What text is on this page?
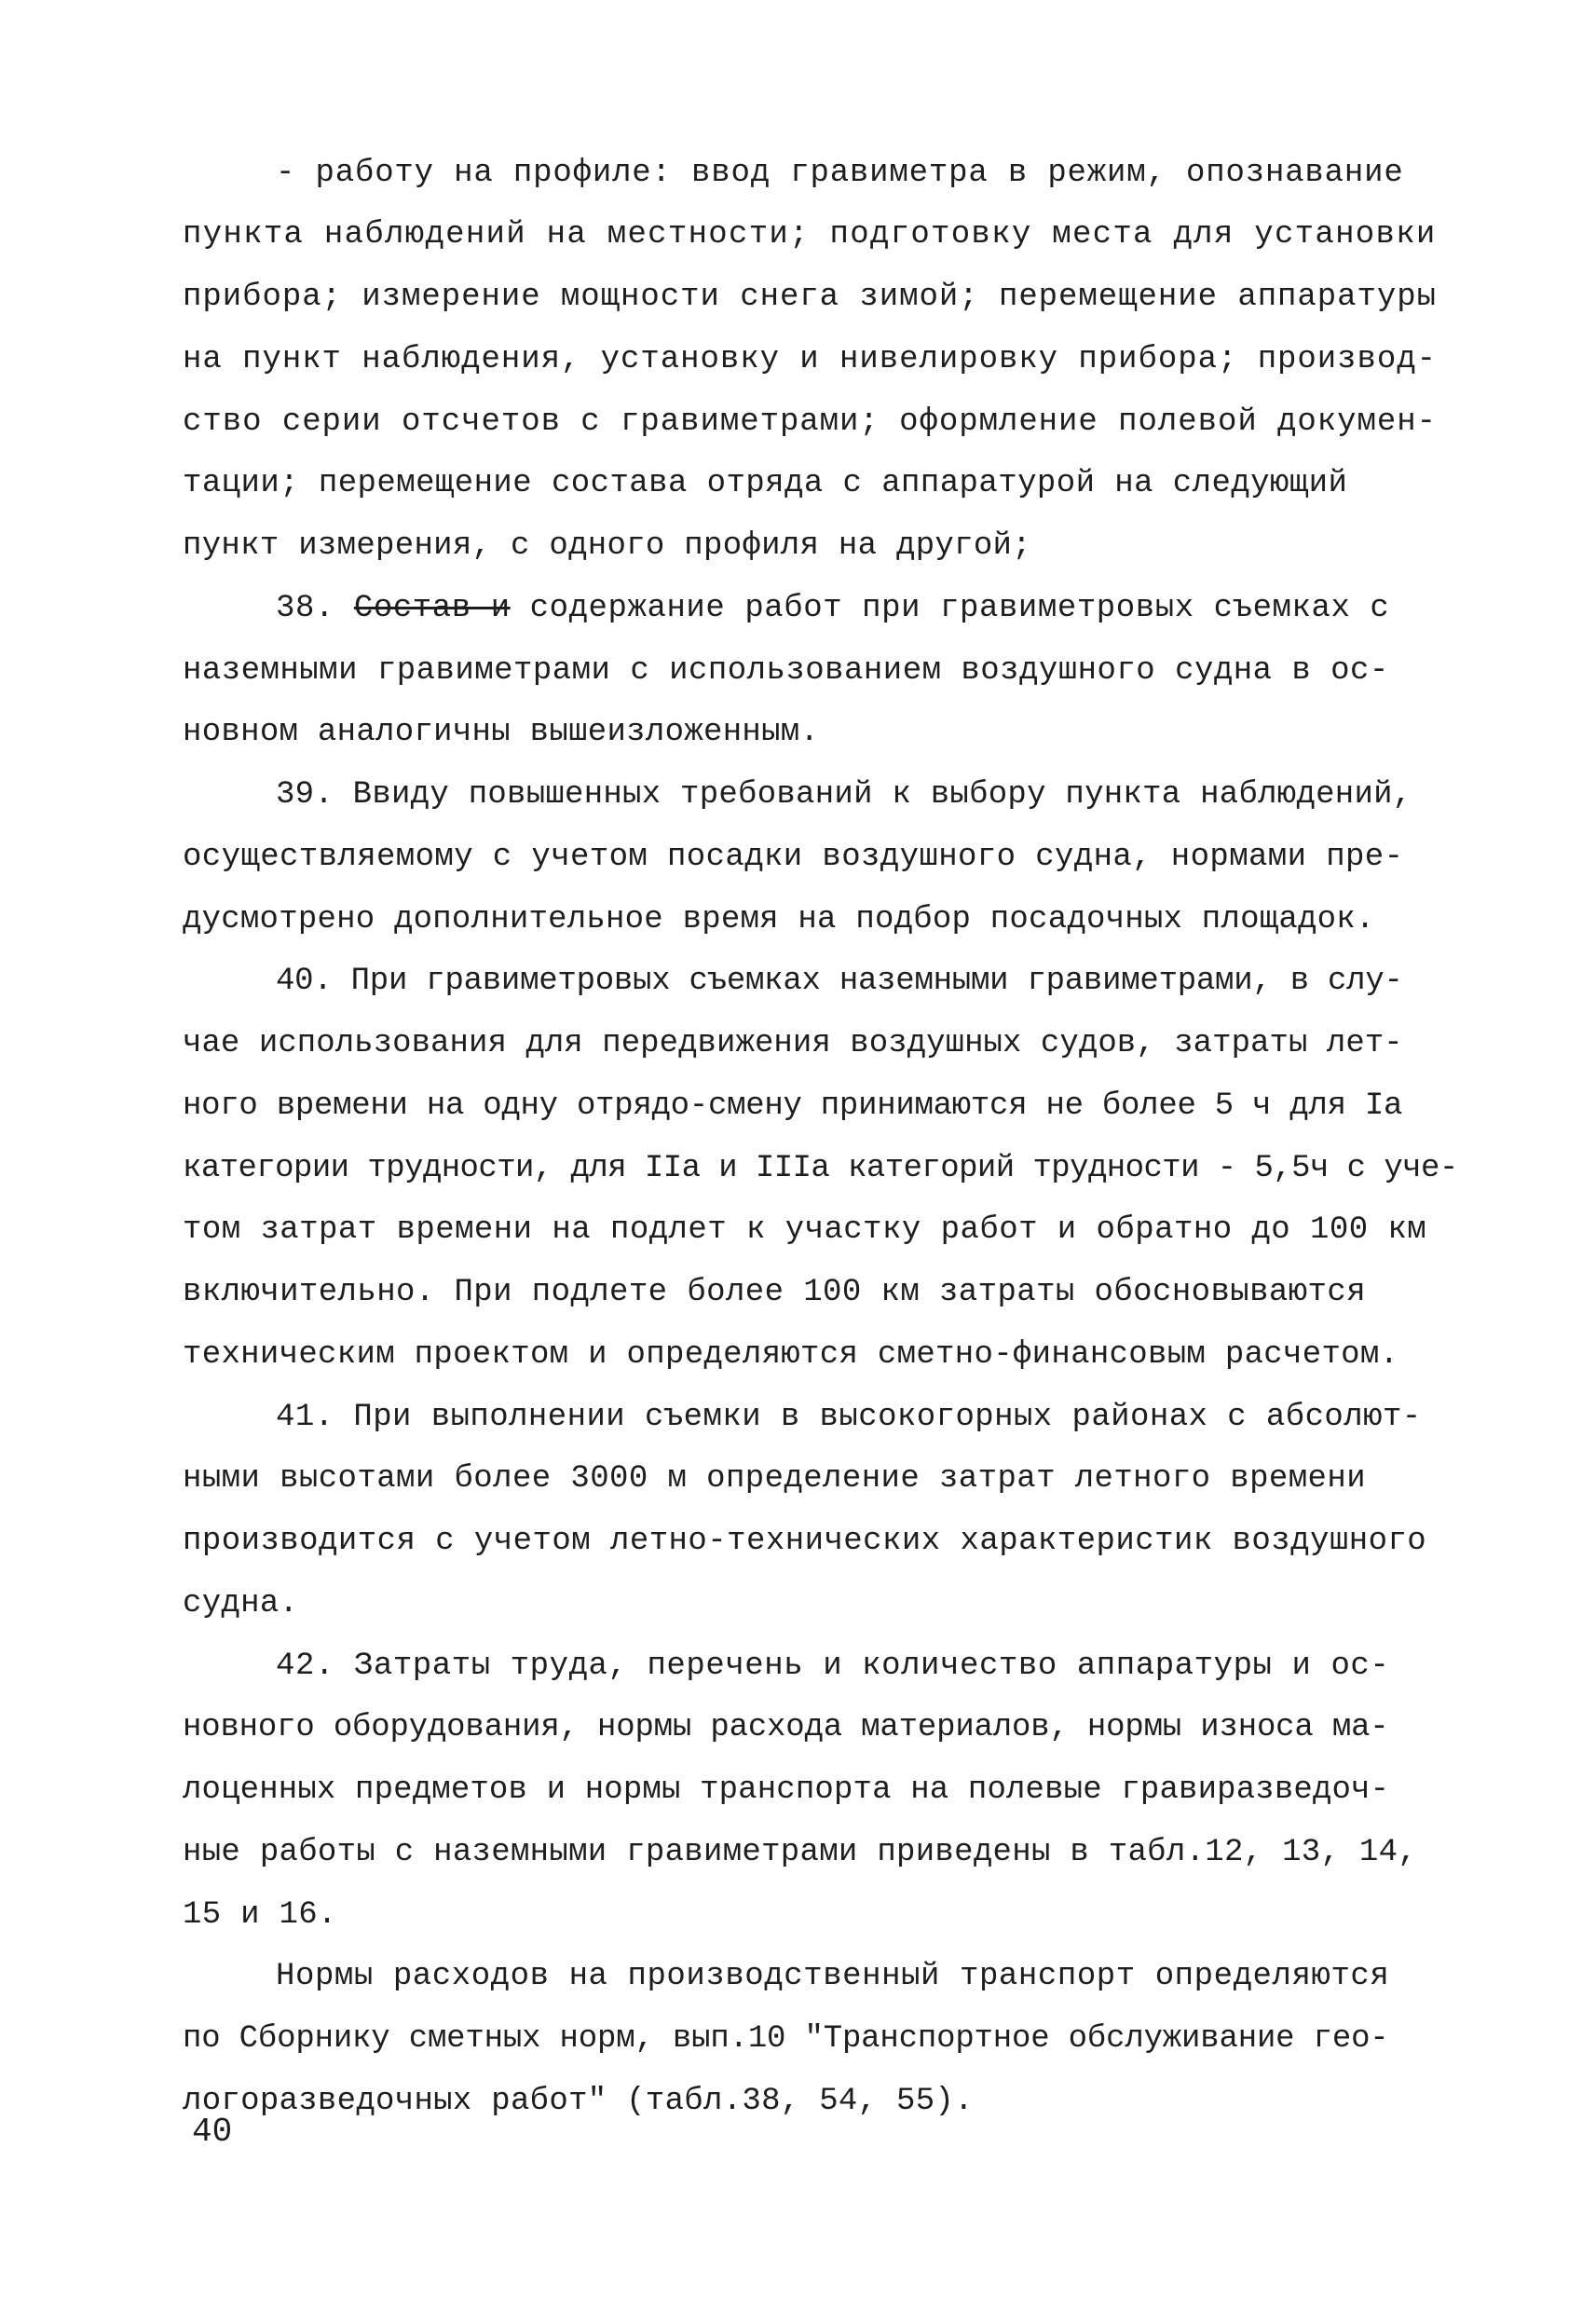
- работу на профиле: ввод гравиметра в режим, опознавание
пункта наблюдений на местности; подготовку места для установки
прибора; измерение мощности снега зимой; перемещение аппаратуры
на пункт наблюдения, установку и нивелировку прибора; производ-
ство серии отсчетов с гравиметрами; оформление полевой докумен-
тации; перемещение состава отряда с аппаратурой на следующий
пункт измерения, с одного профиля на другой;
38. Состав и содержание работ при гравиметровых съемках с
наземными гравиметрами с использованием воздушного судна в ос-
новном аналогичны вышеизложенным.
39. Ввиду повышенных требований к выбору пункта наблюдений,
осуществляемому с учетом посадки воздушного судна, нормами пре-
дусмотрено дополнительное время на подбор посадочных площадок.
40. При гравиметровых съемках наземными гравиметрами, в слу-
чае использования для передвижения воздушных судов, затраты лет-
ного времени на одну отрядо-смену принимаются не более 5 ч для Iа
категории трудности, для IIа и IIIа категорий трудности - 5,5ч с уче-
том затрат времени на подлет к участку работ и обратно до 100 км
включительно. При подлете более 100 км затраты обосновываются
техническим проектом и определяются сметно-финансовым расчетом.
41. При выполнении съемки в высокогорных районах с абсолют-
ными высотами более 3000 м определение затрат летного времени
производится с учетом летно-технических характеристик воздушного
судна.
42. Затраты труда, перечень и количество аппаратуры и ос-
новного оборудования, нормы расхода материалов, нормы износа ма-
лоценных предметов и нормы транспорта на полевые гравиразведоч-
ные работы с наземными гравиметрами приведены в табл.12, 13, 14,
15 и 16.
Нормы расходов на производственный транспорт определяются
по Сборнику сметных норм, вып.10 "Транспортное обслуживание гео-
логоразведочных работ" (табл.38, 54, 55).
40
